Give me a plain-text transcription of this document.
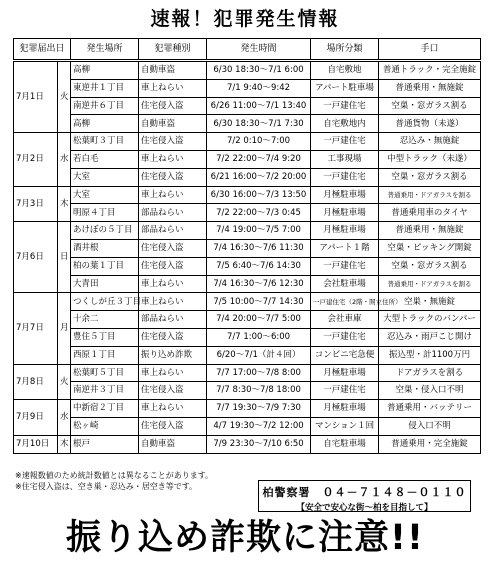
速報！犯罪発生情報
犯罪届出日		発生場所	犯罪種別	発生時間	場所分類	手口
7月1日	火	高柳	自動車盗	6/30 18:30～7/1 6:00	自宅敷地	普通トラック・完全施錠
		東逆井１丁目	車上ねらい	7/1 9:40～9:42	アパート駐車場	普通乗用・無施錠
		南逆井６丁目	住宅侵入盗	6/26 11:00～7/1 13:40	一戸建住宅	空巣・窓ガラス割る
		高柳	自動車盗	6/30 18:30～7/1 7:30	自宅敷地内	普通貨物（未遂）
7月2日	水	松葉町３丁目	住宅侵入盗	7/2 0:10～7:00	一戸建住宅	忍込み・無施錠
		若白毛	車上ねらい	7/2 22:00～7/4 9:20	工事現場	中型トラック（未遂）
		大室	住宅侵入盗	6/21 16:00～7/2 20:00	一戸建住宅	空巣・窓ガラス割る
7月3日	木	大室	車上ねらい	6/30 16:00～7/3 13:50	月極駐車場	普通乗用・ドアガラスを割る
		明原４丁目	部品ねらい	7/2 22:00～7/3 0:45	月極駐車場	普通乗用車のタイヤ
7月6日	日	あけぼの５丁目	部品ねらい	7/4 19:00～7/5 7:00	月極駐車場	普通乗用・無施錠
		酒井根	住宅侵入盗	7/4 16:30～7/6 11:30	アパート１階	空巣・ピッキング開錠
		柏の葉１丁目	住宅侵入盗	7/5 6:40～7/6 14:30	一戸建住宅	空巣・窓ガラス割る
		大青田	車上ねらい	7/4 16:30～7/6 12:30	会社駐車場	普通乗用・ドアガラスを割る
7月7日	月	つくしが丘３丁目	車上ねらい	7/5 10:00～7/7 14:30	一戸建住宅（2階・開立住所）	空巣・無施錠
		十余二	部品ねらい	7/4 20:00～7/7 5:00	会社車庫	大型トラックのバンパー
		豊住５丁目	住宅侵入盗	7/7 1:00～6:00	一戸建住宅	忍込み・雨戸こじ開け
		西原１丁目	振り込め詐欺	6/20～7/1（計４回）	コンビニ宅急便	振込型・計1100万円
7月8日	火	松葉町５丁目	車上ねらい	7/7 17:00～7/8 8:00	月極駐車場	ドアガラスを割る
		南逆井３丁目	住宅侵入盗	7/7 8:30～7/8 18:00	一戸建住宅	空巣・侵入口不明
7月9日	水	中新宿２丁目	車上ねらい	7/7 19:30～7/9 7:30	月極駐車場	普通乗用・バッテリー
		松ヶ崎	住宅侵入盗	4/7 19:30～7/2 12:00	マンション１回	侵入口不明
7月10日	木	根戸	自動車盗	7/9 23:30～7/10 6:50	自宅駐車場	普通乗用・完全施錠
※速報数値のため統計数値とは異なることがあります。
※住宅侵入盗は、空き巣・忍込み・居空き等です。	柏警察署　０４－７１４８－０１１０
【安全で安心な街～柏を目指して】
振り込め詐欺に注意!!
